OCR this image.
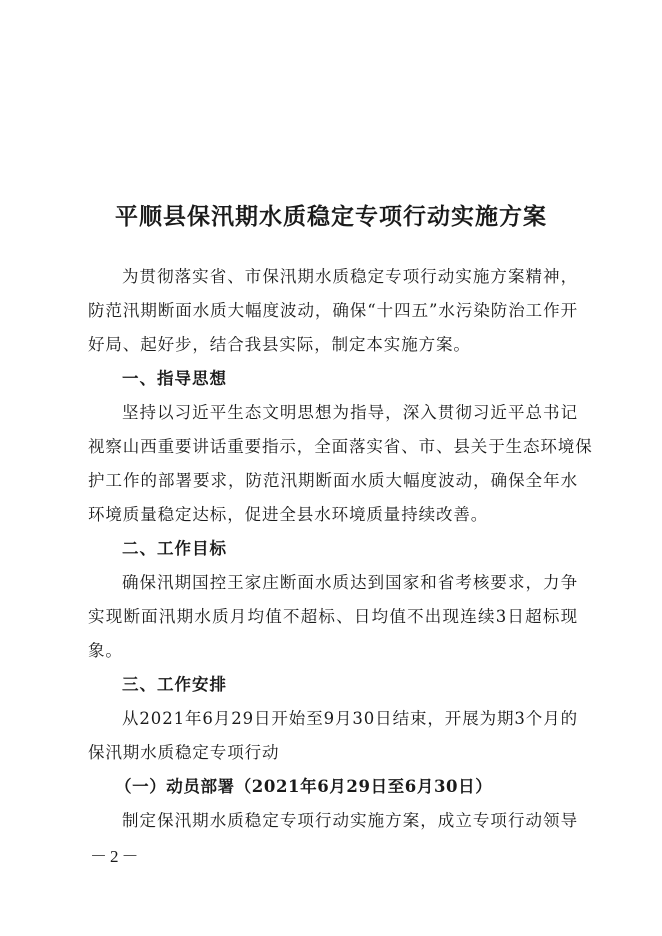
平顺县保汛期水质稳定专项行动实施方案
为贯彻落实省、市保汛期水质稳定专项行动实施方案精神，
防范汛期断面水质大幅度波动，确保“十四五”水污染防治工作开
好局、起好步，结合我县实际，制定本实施方案。
一、指导思想
坚持以习近平生态文明思想为指导，深入贯彻习近平总书记
视察山西重要讲话重要指示，全面落实省、市、县关于生态环境保
护工作的部署要求，防范汛期断面水质大幅度波动，确保全年水
环境质量稳定达标，促进全县水环境质量持续改善。
二、工作目标
确保汛期国控王家庄断面水质达到国家和省考核要求，力争
实现断面汛期水质月均值不超标、日均值不出现连续3日超标现
象。
三、工作安排
从2021年6月29日开始至9月30日结束，开展为期3个月的
保汛期水质稳定专项行动
（一）动员部署（2021年6月29日至6月30日）
制定保汛期水质稳定专项行动实施方案，成立专项行动领导
－2－
